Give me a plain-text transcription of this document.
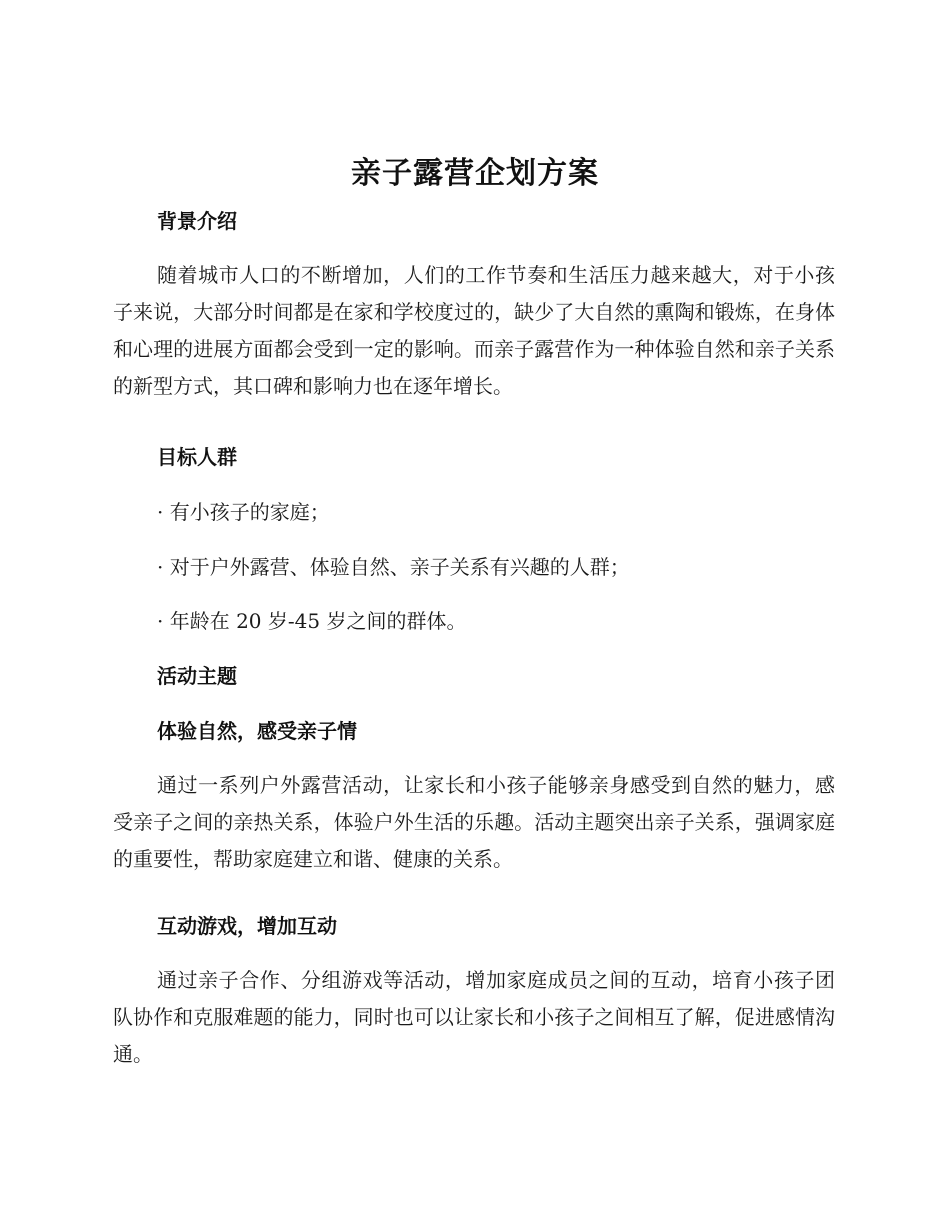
亲子露营企划方案
背景介绍
随着城市人口的不断增加，人们的工作节奏和生活压力越来越大，对于小孩子来说，大部分时间都是在家和学校度过的，缺少了大自然的熏陶和锻炼，在身体和心理的进展方面都会受到一定的影响。而亲子露营作为一种体验自然和亲子关系的新型方式，其口碑和影响力也在逐年增长。
目标人群
· 有小孩子的家庭；
· 对于户外露营、体验自然、亲子关系有兴趣的人群；
· 年龄在 20 岁-45 岁之间的群体。
活动主题
体验自然，感受亲子情
通过一系列户外露营活动，让家长和小孩子能够亲身感受到自然的魅力，感受亲子之间的亲热关系，体验户外生活的乐趣。活动主题突出亲子关系，强调家庭的重要性，帮助家庭建立和谐、健康的关系。
互动游戏，增加互动
通过亲子合作、分组游戏等活动，增加家庭成员之间的互动，培育小孩子团队协作和克服难题的能力，同时也可以让家长和小孩子之间相互了解，促进感情沟通。
